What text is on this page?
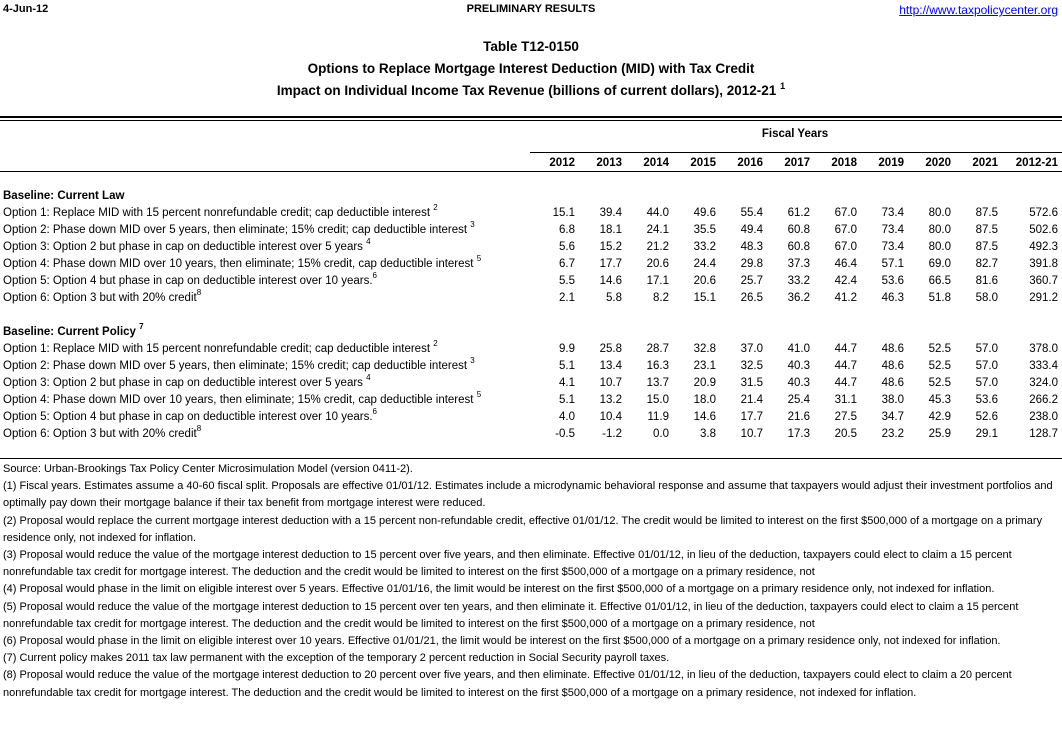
4-Jun-12	PRELIMINARY RESULTS	http://www.taxpolicycenter.org
Table T12-0150
Options to Replace Mortgage Interest Deduction (MID) with Tax Credit
Impact on Individual Income Tax Revenue (billions of current dollars), 2012-21 $^1$
Fiscal Years
2012	2013	2014	2015	2016	2017	2018	2019	2020	2021	2012-21
Baseline: Current Law											
Option 1: Replace MID with 15 percent nonrefundable credit; cap deductible interest $^2$	15.1	39.4	44.0	49.6	55.4	61.2	67.0	73.4	80.0	87.5	572.6
Option 2: Phase down MID over 5 years, then eliminate; 15% credit; cap deductible interest $^3$	6.8	18.1	24.1	35.5	49.4	60.8	67.0	73.4	80.0	87.5	502.6
Option 3: Option 2 but phase in cap on deductible interest over 5 years $^4$	5.6	15.2	21.2	33.2	48.3	60.8	67.0	73.4	80.0	87.5	492.3
Option 4: Phase down MID over 10 years, then eliminate; 15% credit, cap deductible interest $^5$	6.7	17.7	20.6	24.4	29.8	37.3	46.4	57.1	69.0	82.7	391.8
Option 5: Option 4 but phase in cap on deductible interest over 10 years.$^6$	5.5	14.6	17.1	20.6	25.7	33.2	42.4	53.6	66.5	81.6	360.7
Option 6: Option 3 but with 20% credit$^8$	2.1	5.8	8.2	15.1	26.5	36.2	41.2	46.3	51.8	58.0	291.2

Baseline: Current Policy $^7$
Option 1: Replace MID with 15 percent nonrefundable credit; cap deductible interest $^2$	9.9	25.8	28.7	32.8	37.0	41.0	44.7	48.6	52.5	57.0	378.0
Option 2: Phase down MID over 5 years, then eliminate; 15% credit; cap deductible interest $^3$	5.1	13.4	16.3	23.1	32.5	40.3	44.7	48.6	52.5	57.0	333.4
Option 3: Option 2 but phase in cap on deductible interest over 5 years $^4$	4.1	10.7	13.7	20.9	31.5	40.3	44.7	48.6	52.5	57.0	324.0
Option 4: Phase down MID over 10 years, then eliminate; 15% credit, cap deductible interest $^5$	5.1	13.2	15.0	18.0	21.4	25.4	31.1	38.0	45.3	53.6	266.2
Option 5: Option 4 but phase in cap on deductible interest over 10 years.$^6$	4.0	10.4	11.9	14.6	17.7	21.6	27.5	34.7	42.9	52.6	238.0
Option 6: Option 3 but with 20% credit$^8$	-0.5	-1.2	0.0	3.8	10.7	17.3	20.5	23.2	25.9	29.1	128.7
Source: Urban-Brookings Tax Policy Center Microsimulation Model (version 0411-2).
(1) Fiscal years. Estimates assume a 40-60 fiscal split. Proposals are effective 01/01/12. Estimates include a microdynamic behavioral response and assume that taxpayers would adjust their investment portfolios and optimally pay down their mortgage balance if their tax benefit from mortgage interest were reduced.
(2) Proposal would replace the current mortgage interest deduction with a 15 percent non-refundable credit, effective 01/01/12. The credit would be limited to interest on the first $500,000 of a mortgage on a primary residence only, not indexed for inflation.
(3) Proposal would reduce the value of the mortgage interest deduction to 15 percent over five years, and then eliminate. Effective 01/01/12, in lieu of the deduction, taxpayers could elect to claim a 15 percent nonrefundable tax credit for mortgage interest. The deduction and the credit would be limited to interest on the first $500,000 of a mortgage on a primary residence, not
(4) Proposal would phase in the limit on eligible interest over 5 years. Effective 01/01/16, the limit would be interest on the first $500,000 of a mortgage on a primary residence only, not indexed for inflation.
(5) Proposal would reduce the value of the mortgage interest deduction to 15 percent over ten years, and then eliminate it. Effective 01/01/12, in lieu of the deduction, taxpayers could elect to claim a 15 percent nonrefundable tax credit for mortgage interest. The deduction and the credit would be limited to interest on the first $500,000 of a mortgage on a primary residence, not
(6) Proposal would phase in the limit on eligible interest over 10 years. Effective 01/01/21, the limit would be interest on the first $500,000 of a mortgage on a primary residence only, not indexed for inflation.
(7) Current policy makes 2011 tax law permanent with the exception of the temporary 2 percent reduction in Social Security payroll taxes.
(8) Proposal would reduce the value of the mortgage interest deduction to 20 percent over five years, and then eliminate. Effective 01/01/12, in lieu of the deduction, taxpayers could elect to claim a 20 percent nonrefundable tax credit for mortgage interest. The deduction and the credit would be limited to interest on the first $500,000 of a mortgage on a primary residence, not indexed for inflation.
